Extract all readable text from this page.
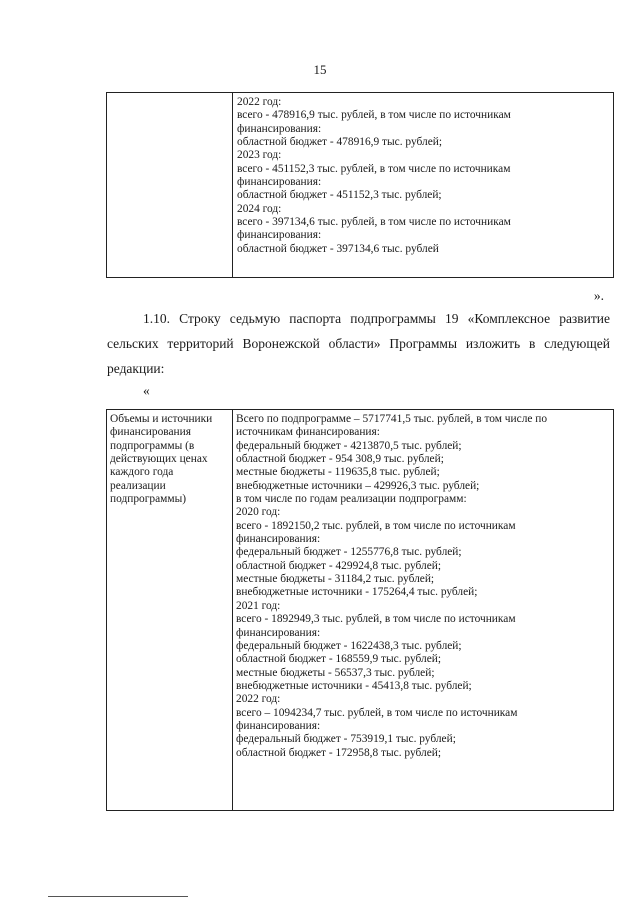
15
2022 год:
всего - 478916,9 тыс. рублей, в том числе по источникам
финансирования:
областной бюджет - 478916,9 тыс. рублей;
2023 год:
всего - 451152,3 тыс. рублей, в том числе по источникам
финансирования:
областной бюджет - 451152,3 тыс. рублей;
2024 год:
всего - 397134,6 тыс. рублей, в том числе по источникам
финансирования:
областной бюджет - 397134,6 тыс. рублей
».
1.10. Строку седьмую паспорта подпрограммы 19 «Комплексное развитие сельских территорий Воронежской области» Программы изложить в следующей редакции:
«
Объемы и источники
финансирования
подпрограммы (в
действующих ценах
каждого года
реализации
подпрограммы)
Всего по подпрограмме – 5717741,5 тыс. рублей, в том числе по
источникам финансирования:
федеральный бюджет - 4213870,5 тыс. рублей;
областной бюджет - 954 308,9 тыс. рублей;
местные бюджеты - 119635,8 тыс. рублей;
внебюджетные источники – 429926,3 тыс. рублей;
в том числе по годам реализации подпрограмм:
2020 год:
всего - 1892150,2 тыс. рублей, в том числе по источникам
финансирования:
федеральный бюджет - 1255776,8 тыс. рублей;
областной бюджет - 429924,8 тыс. рублей;
местные бюджеты - 31184,2 тыс. рублей;
внебюджетные источники - 175264,4 тыс. рублей;
2021 год:
всего - 1892949,3 тыс. рублей, в том числе по источникам
финансирования:
федеральный бюджет - 1622438,3 тыс. рублей;
областной бюджет - 168559,9 тыс. рублей;
местные бюджеты - 56537,3 тыс. рублей;
внебюджетные источники - 45413,8 тыс. рублей;
2022 год:
всего – 1094234,7 тыс. рублей, в том числе по источникам
финансирования:
федеральный бюджет - 753919,1 тыс. рублей;
областной бюджет - 172958,8 тыс. рублей;
